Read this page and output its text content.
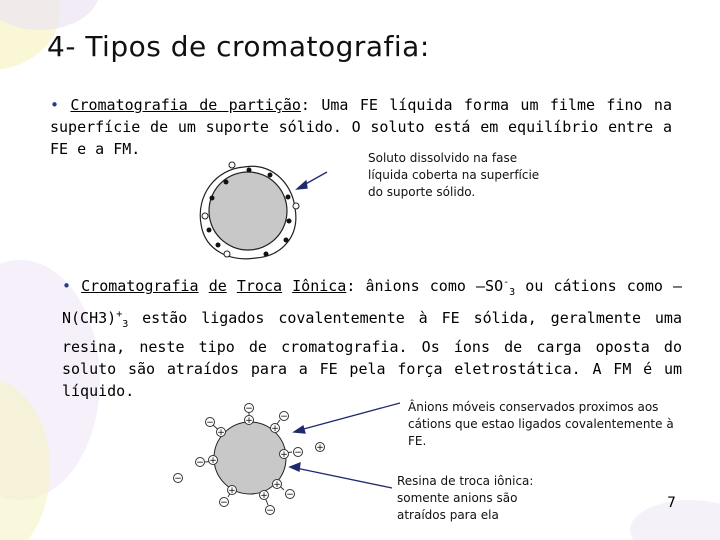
4- Tipos de cromatografia:
• Cromatografia de partição: Uma FE líquida forma um filme fino na superfície de um suporte sólido. O soluto está em equilíbrio entre a FE e a FM.	Soluto dissolvido na fase líquida coberta na superfície do suporte sólido.
• Cromatografia de Troca Iônica: ânions como $-SO^-_3$ ou cátions como $-N(CH3)^+_3$ estão ligados covalentemente à FE sólida, geralmente uma resina, neste tipo de cromatografia. Os íons de carga oposta do soluto são atraídos para a FE pela força eletrostática. A FM é um líquido.
Ânions móveis conservados proximos aos cátions que estao ligados covalentemente à FE.
Resina de troca iônica: somente anions são atraídos para ela
7
+
+
+
+
+
+
+	+
−
−
−
−
−
−
−
−
+
−
